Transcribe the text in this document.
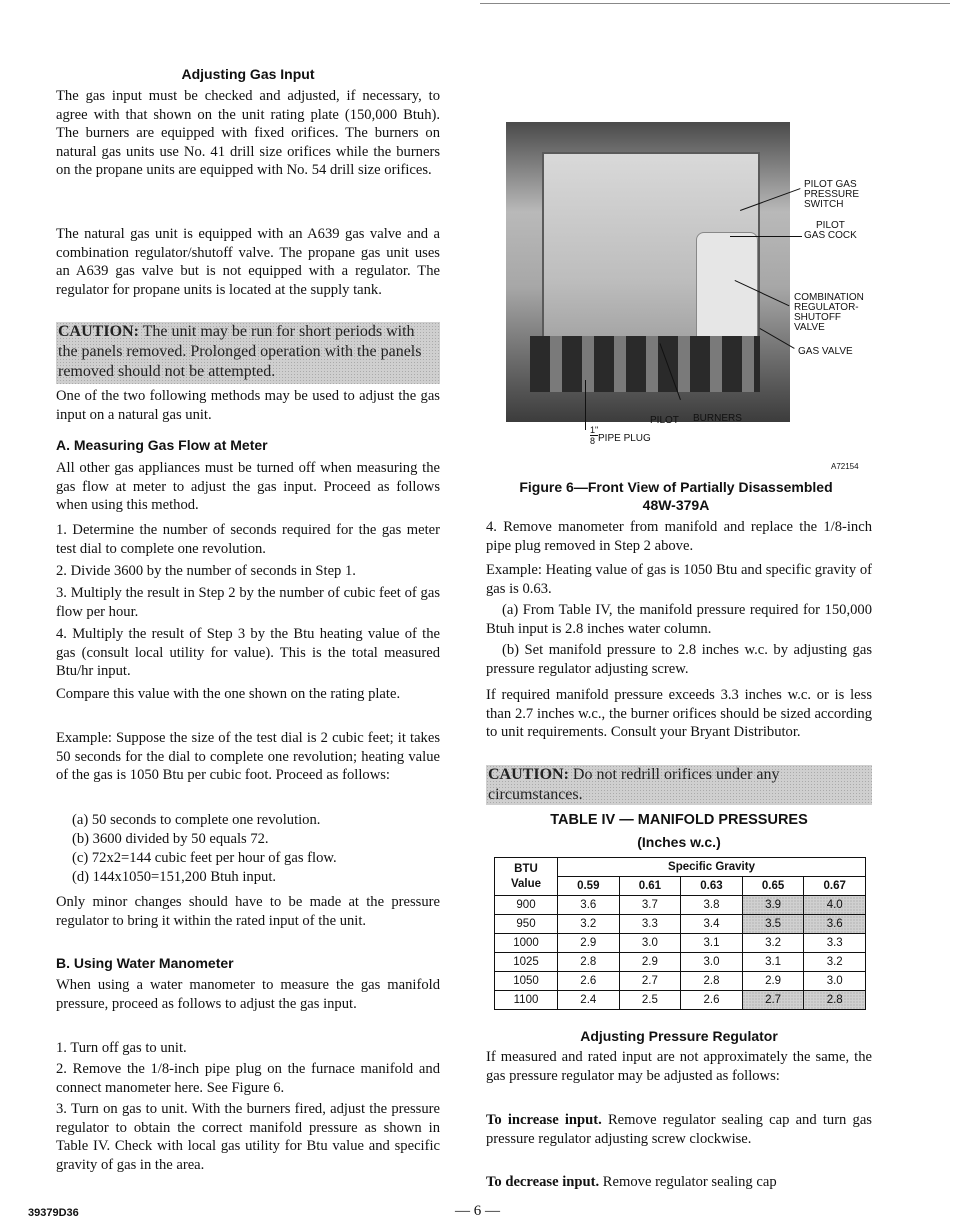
Adjusting Gas Input
The gas input must be checked and adjusted, if necessary, to agree with that shown on the unit rating plate (150,000 Btuh). The burners are equipped with fixed orifices. The burners on natural gas units use No. 41 drill size orifices while the burners on the propane units are equipped with No. 54 drill size orifices.
The natural gas unit is equipped with an A639 gas valve and a combination regulator/shutoff valve. The propane gas unit uses an A639 gas valve but is not equipped with a regulator. The regulator for propane units is located at the supply tank.
CAUTION: The unit may be run for short periods with the panels removed. Prolonged operation with the panels removed should not be attempted.
One of the two following methods may be used to adjust the gas input on a natural gas unit.
A. Measuring Gas Flow at Meter
All other gas appliances must be turned off when measuring the gas flow at meter to adjust the gas input. Proceed as follows when using this method.
1. Determine the number of seconds required for the gas meter test dial to complete one revolution.
2. Divide 3600 by the number of seconds in Step 1.
3. Multiply the result in Step 2 by the number of cubic feet of gas flow per hour.
4. Multiply the result of Step 3 by the Btu heating value of the gas (consult local utility for value). This is the total measured Btu/hr input.
Compare this value with the one shown on the rating plate.
Example: Suppose the size of the test dial is 2 cubic feet; it takes 50 seconds for the dial to complete one revolution; heating value of the gas is 1050 Btu per cubic foot. Proceed as follows:
(a) 50 seconds to complete one revolution.
(b) 3600 divided by 50 equals 72.
(c) 72x2=144 cubic feet per hour of gas flow.
(d) 144x1050=151,200 Btuh input.
Only minor changes should have to be made at the pressure regulator to bring it within the rated input of the unit.
B. Using Water Manometer
When using a water manometer to measure the gas manifold pressure, proceed as follows to adjust the gas input.
1. Turn off gas to unit.
2. Remove the 1/8-inch pipe plug on the furnace manifold and connect manometer here. See Figure 6.
3. Turn on gas to unit. With the burners fired, adjust the pressure regulator to obtain the correct manifold pressure as shown in Table IV. Check with local gas utility for Btu value and specific gravity of gas in the area.
PILOT GAS
PRESSURE
SWITCH
PILOT
GAS COCK
COMBINATION
REGULATOR-
SHUTOFF
VALVE
GAS VALVE
PILOT BURNERS
1"
8 PIPE PLUG
A72154
Figure 6—Front View of Partially Disassembled
48W-379A
4. Remove manometer from manifold and replace the 1/8-inch pipe plug removed in Step 2 above.
Example: Heating value of gas is 1050 Btu and specific gravity of gas is 0.63.
(a) From Table IV, the manifold pressure required for 150,000 Btuh input is 2.8 inches water column.
(b) Set manifold pressure to 2.8 inches w.c. by adjusting gas pressure regulator adjusting screw.
If required manifold pressure exceeds 3.3 inches w.c. or is less than 2.7 inches w.c., the burner orifices should be sized according to unit requirements. Consult your Bryant Distributor.
CAUTION: Do not redrill orifices under any circumstances.
TABLE IV — MANIFOLD PRESSURES
(Inches w.c.)
Adjusting Pressure Regulator
If measured and rated input are not approximately the same, the gas pressure regulator may be adjusted as follows:
To increase input. Remove regulator sealing cap and turn gas pressure regulator adjusting screw clockwise.
To decrease input. Remove regulator sealing cap
BTU
Value	Specific Gravity				
	0.59	0.61	0.63	0.65	0.67
900	3.6	3.7	3.8	3.9	4.0
950	3.2	3.3	3.4	3.5	3.6
1000	2.9	3.0	3.1	3.2	3.3
1025	2.8	2.9	3.0	3.1	3.2
1050	2.6	2.7	2.8	2.9	3.0
1100	2.4	2.5	2.6	2.7	2.8
39379D36	— 6 —
